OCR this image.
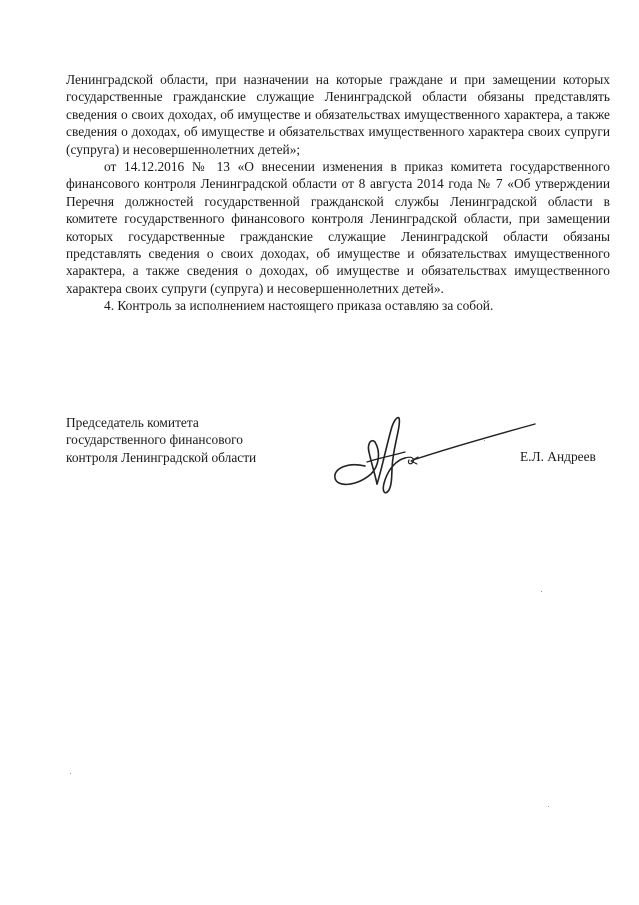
Ленинградской области, при назначении на которые граждане и при замещении которых государственные гражданские служащие Ленинградской области обязаны представлять сведения о своих доходах, об имуществе и обязательствах имущественного характера, а также сведения о доходах, об имуществе и обязательствах имущественного характера своих супруги (супруга) и несовершеннолетних детей»;

от 14.12.2016 № 13 «О внесении изменения в приказ комитета государственного финансового контроля Ленинградской области от 8 августа 2014 года № 7 «Об утверждении Перечня должностей государственной гражданской службы Ленинградской области в комитете государственного финансового контроля Ленинградской области, при замещении которых государственные гражданские служащие Ленинградской области обязаны представлять сведения о своих доходах, об имуществе и обязательствах имущественного характера, а также сведения о доходах, об имуществе и обязательствах имущественного характера своих супруги (супруга) и несовершеннолетних детей».

4. Контроль за исполнением настоящего приказа оставляю за собой.

Председатель комитета
государственного финансового
контроля Ленинградской области	Е.Л. Андреев
